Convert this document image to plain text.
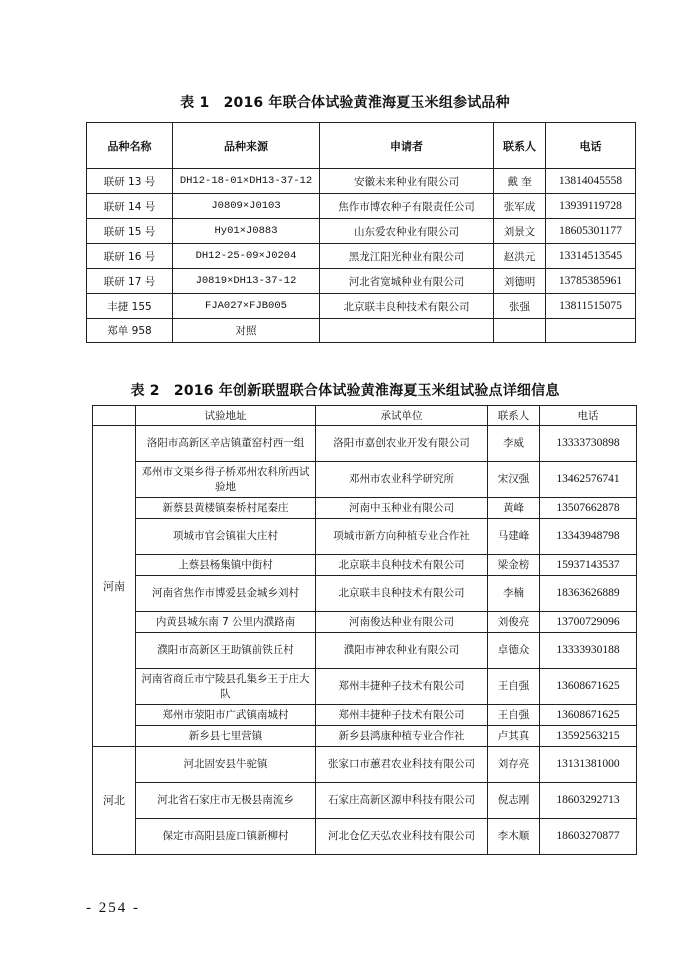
表 1　2016 年联合体试验黄淮海夏玉米组参试品种
品种名称	品种来源	申请者	联系人	电话
联研 13 号	DH12-18-01×DH13-37-12	安徽未来种业有限公司	戴 奎	13814045558
联研 14 号	J0809×J0103	焦作市博农种子有限责任公司	张军成	13939119728
联研 15 号	Hy01×J0883	山东爱农种业有限公司	刘景文	18605301177
联研 16 号	DH12-25-09×J0204	黑龙江阳光种业有限公司	赵洪元	13314513545
联研 17 号	J0819×DH13-37-12	河北省宽城种业有限公司	刘德明	13785385961
丰捷 155	FJA027×FJB005	北京联丰良种技术有限公司	张强	13811515075
郑单 958	对照			
表 2　2016 年创新联盟联合体试验黄淮海夏玉米组试验点详细信息
	试验地址	承试单位	联系人	电话
河南	洛阳市高新区辛店镇董窑村西一组	洛阳市嘉创农业开发有限公司	李威	13333730898
	邓州市文渠乡得子桥邓州农科所西试验地	邓州市农业科学研究所	宋汉强	13462576741
	新蔡县黄楼镇秦桥村尾秦庄	河南中玉种业有限公司	黄峰	13507662878
	项城市官会镇崔大庄村	项城市新方向种植专业合作社	马建峰	13343948798
	上蔡县杨集镇中街村	北京联丰良种技术有限公司	梁金榜	15937143537
	河南省焦作市博爱县金城乡刘村	北京联丰良种技术有限公司	李楠	18363626889
	内黄县城东南 7 公里内濮路南	河南俊达种业有限公司	刘俊亮	13700729096
	濮阳市高新区王助镇前铁丘村	濮阳市神农种业有限公司	卓德众	13333930188
	河南省商丘市宁陵县孔集乡王于庄大队	郑州丰捷种子技术有限公司	王自强	13608671625
	郑州市荥阳市广武镇南城村	郑州丰捷种子技术有限公司	王自强	13608671625
	新乡县七里营镇	新乡县鸿康种植专业合作社	卢其真	13592563215
河北	河北固安县牛驼镇	张家口市蕙君农业科技有限公司	刘存亮	13131381000
	河北省石家庄市无极县南流乡	石家庄高新区源申科技有限公司	倪志刚	18603292713
	保定市高阳县庞口镇新柳村	河北仓亿天弘农业科技有限公司	李木顺	18603270877
- 254 -
